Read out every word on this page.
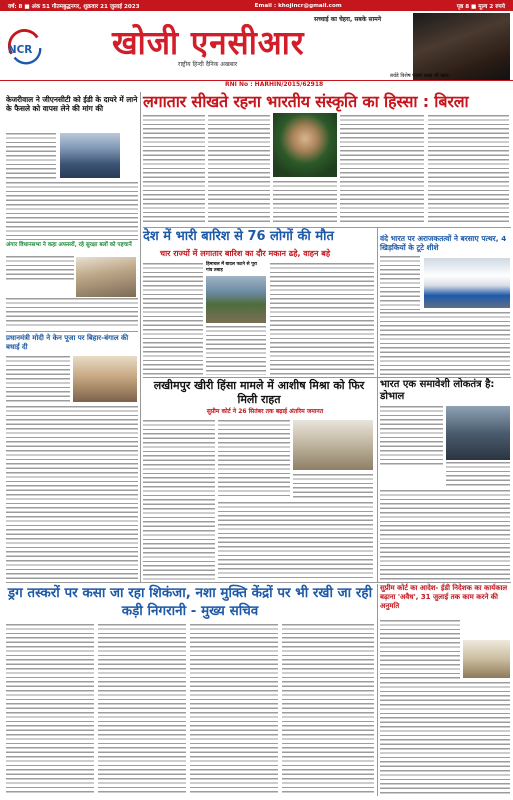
वर्ष: 8 ■ अंक 51 गौतमबुद्धनगर, शुक्रवार 21 जुलाई 2023	Email : khojincr@gmail.com	पृष्ठ 8 ■ मूल्य 2 रुपये
NCR खोजी एनसीआर
राष्ट्रीय हिन्दी दैनिक अखबार
सच्चाई का चेहरा, सबके सामने
बर्थडे विशेष एक्टर लक्ष्य श्री खान
RNI No : HARHIN/2015/62918
लगातार सीखते रहना भारतीय संस्कृति का हिस्सा : बिरला
केजरीवाल ने जीएनसीटी को ईडी के दायरे में लाने के फैसले को वापस लेने की मांग की
अंगार विधानसभा ने कहा अफसरों, रहे सुरक्षा बलों को पहचानें
देश में भारी बारिश से 76 लोगों की मौत
चार राज्यों में लगातार बारिश का दौर मकान ढहे, वाहन बहे
हिमाचल में बादल फटने से पूरा गांव तबाह
वंदे भारत पर अराजकतत्वों ने बरसाए पत्थर, 4 खिड़कियों के टूटे शीशे
लखीमपुर खीरी हिंसा मामले में आशीष मिश्रा को फिर मिली राहत
सुप्रीम कोर्ट ने 26 सितंबर तक बढ़ाई अंतरिम जमानत
भारत एक समावेशी लोकतंत्र है: डोभाल
प्रधानमंत्री मोदी ने केन पूजा पर बिहार-बंगाल की बधाई दी
सुप्रीम कोर्ट का आदेश- ईडी निदेशक का कार्यकाल बढ़ाना 'अवैध', 31 जुलाई तक काम करने की अनुमति
ड्रग तस्करों पर कसा जा रहा शिकंजा, नशा मुक्ति केंद्रों पर भी रखी जा रही कड़ी निगरानी - मुख्य सचिव
